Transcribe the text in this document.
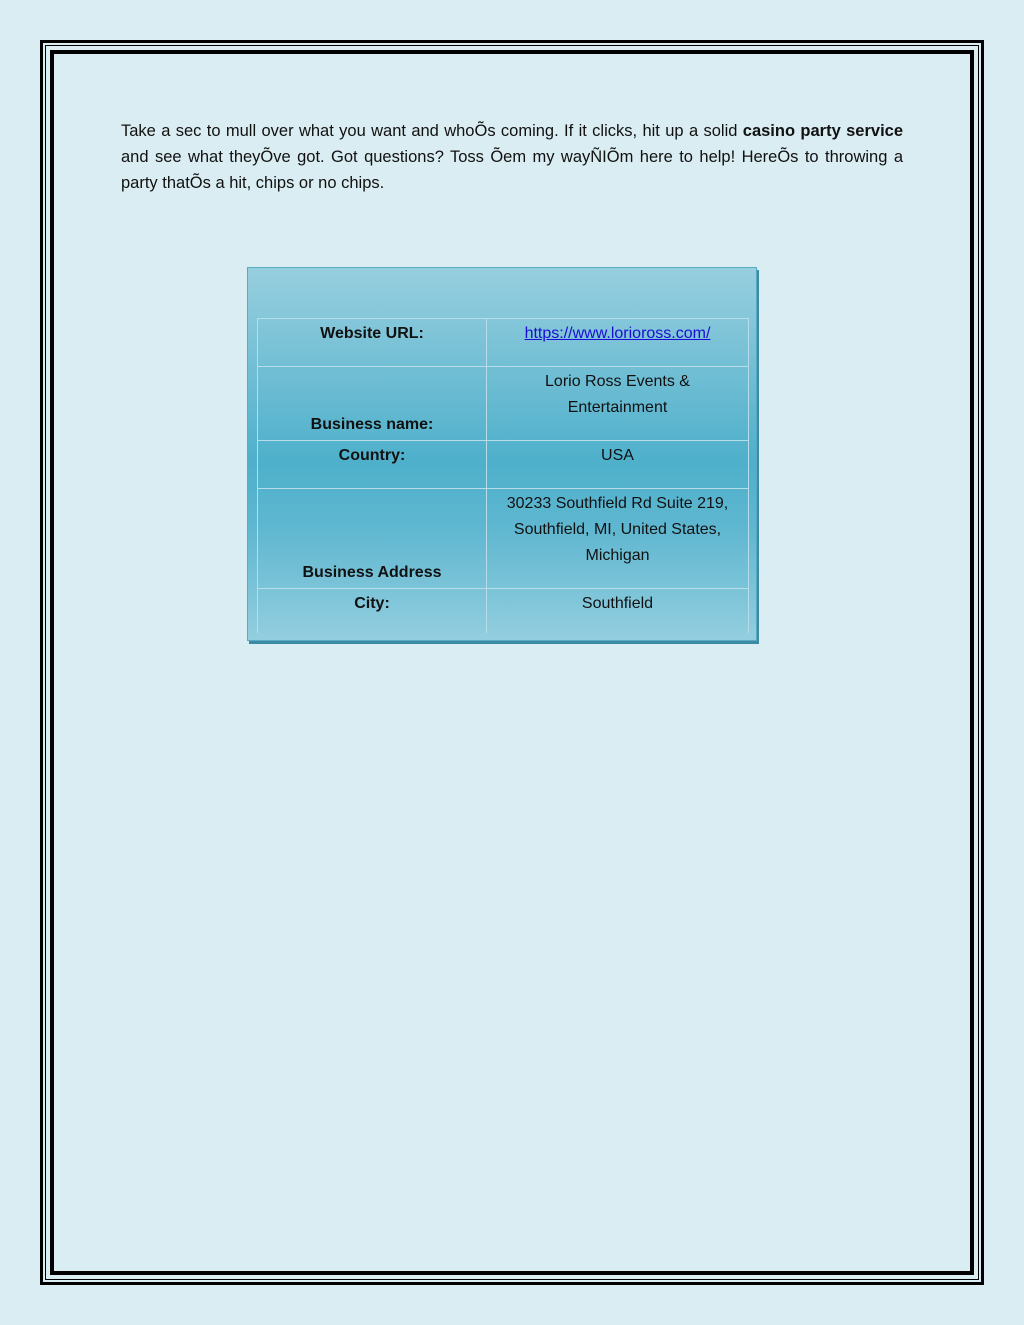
Take a sec to mull over what you want and whoÕs coming. If it clicks, hit up a solid casino party service and see what theyÕve got. Got questions? Toss Õem my wayÑIÕm here to help! HereÕs to throwing a party thatÕs a hit, chips or no chips.

Website URL:	https://www.lorioross.com/
Business name:	Lorio Ross Events & Entertainment
Country:	USA
Business Address	30233 Southfield Rd Suite 219, Southfield, MI, United States, Michigan
City:	Southfield
